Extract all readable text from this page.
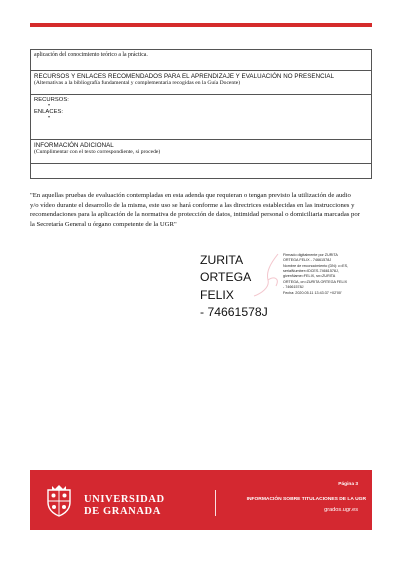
aplicación del conocimiento teórico a la práctica.

RECURSOS Y ENLACES RECOMENDADOS PARA EL APRENDIZAJE Y EVALUACIÓN NO PRESENCIAL
(Alternativas a la bibliografía fundamental y complementaria recogidas en la Guía Docente)

RECURSOS:
•
ENLACES:
•

INFORMACIÓN ADICIONAL
(Cumplimentar con el texto correspondiente, si procede)

"En aquellas pruebas de evaluación contempladas en esta adenda que requieran o tengan previsto la utilización de audio y/o vídeo durante el desarrollo de la misma, este uso se hará conforme a las directrices establecidas en las instrucciones y recomendaciones para la aplicación de la normativa de protección de datos, intimidad personal o domiciliaria marcadas por la Secretaría General u órgano competente de la UGR"
ZURITA
ORTEGA FELIX
- 74661578J
Firmado digitalmente por ZURITA
ORTEGA FELIX - 74661578J
Nombre de reconocimiento (DN): c=ES,
serialNumber=IDCES-74661578J,
givenName=FELIX, sn=ZURITA
ORTEGA, cn=ZURITA ORTEGA FELIX
- 74661578J
Fecha: 2020.05.11 13:43:37 +02'00'
UNIVERSIDAD
DE GRANADA
Página 3
INFORMACIÓN SOBRE TITULACIONES DE LA UGR
grados.ugr.es
